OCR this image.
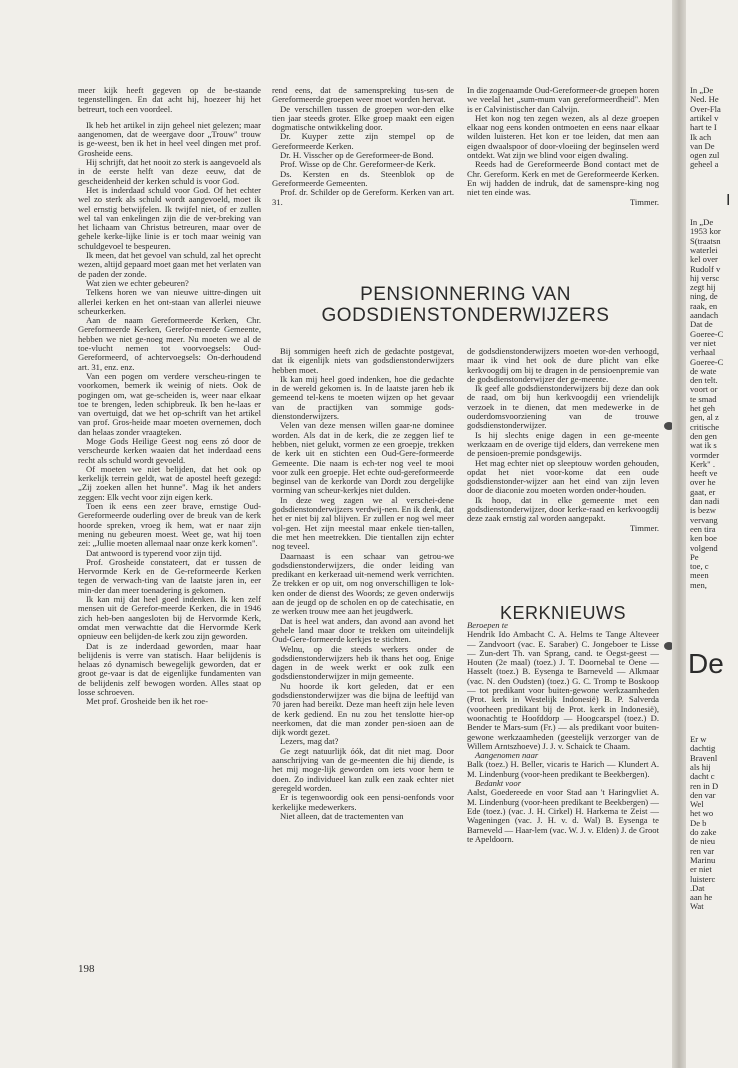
meer kijk heeft gegeven op de be-staande tegenstellingen. En dat acht hij, hoezeer hij het betreurt, toch een voordeel.

Ik heb het artikel in zijn geheel niet gelezen; maar aangenomen, dat de weergave door „Trouw" trouw is ge-weest, ben ik het in heel veel dingen met prof. Grosheide eens.

Hij schrijft, dat het nooit zo sterk is aangevoeld als in de eerste helft van deze eeuw, dat de gescheidenheid der kerken schuld is voor God.

Het is inderdaad schuld voor God. Of het echter wel zo sterk als schuld wordt aangevoeld, moet ik wel ernstig betwijfelen. Ik twijfel niet, of er zullen wel tal van enkelingen zijn die de ver-breking van het lichaam van Christus betreuren, maar over de gehele kerke-lijke linie is er toch maar weinig van schuldgevoel te bespeuren.

Ik meen, dat het gevoel van schuld, zal het oprecht wezen, altijd gepaard moet gaan met het verlaten van de paden der zonde.

Wat zien we echter gebeuren?

Telkens horen we van nieuwe uittre-dingen uit allerlei kerken en het ont-staan van allerlei nieuwe scheurkerken.

Aan de naam Gereformeerde Kerken, Chr. Gereformeerde Kerken, Gerefor-meerde Gemeente, hebben we niet ge-noeg meer. Nu moeten we al de toe-vlucht nemen tot voorvoegsels: Oud-Gereformeerd, of achtervoegsels: On-derhoudend art. 31, enz. enz.

Van een pogen om verdere verscheu-ringen te voorkomen, bemerk ik weinig of niets. Ook de pogingen om, wat ge-scheiden is, weer naar elkaar toe te brengen, leden schipbreuk. Ik ben he-laas er van overtuigd, dat we het op-schrift van het artikel van prof. Gros-heide maar moeten overnemen, doch dan helaas zonder vraagteken.

Moge Gods Heilige Geest nog eens zó door de verscheurde kerken waaien dat het inderdaad eens recht als schuld wordt gevoeld.

Of moeten we niet belijden, dat het ook op kerkelijk terrein geldt, wat de apostel heeft gezegd: „Zij zoeken allen het hunne". Mag ik het anders zeggen: Elk vecht voor zijn eigen kerk.

Toen ik eens een zeer brave, ernstige Oud-Gereformeerde ouderling over de breuk van de kerk hoorde spreken, vroeg ik hem, wat er naar zijn mening nu gebeuren moest. Weet ge, wat hij toen zei: „Jullie moeten allemaal naar onze kerk komen".

Dat antwoord is typerend voor zijn tijd.

Prof. Grosheide constateert, dat er tussen de Hervormde Kerk en de Ge-reformeerde Kerken tegen de verwach-ting van de laatste jaren in, eer min-der dan meer toenadering is gekomen.

Ik kan mij dat heel goed indenken. Ik ken zelf mensen uit de Gerefor-meerde Kerken, die in 1946 zich heb-ben aangesloten bij de Hervormde Kerk, omdat men verwachtte dat die Hervormde Kerk opnieuw een belijden-de kerk zou zijn geworden.

Dat is ze inderdaad geworden, maar haar belijdenis is verre van statisch. Haar belijdenis is helaas zó dynamisch bewegelijk geworden, dat er groot ge-vaar is dat de eigenlijke fundamenten van de belijdenis zelf bewogen worden. Alles staat op losse schroeven.

Met prof. Grosheide ben ik het roe-

rend eens, dat de samenspreking tus-sen de Gereformeerde groepen weer moet worden hervat.

De verschillen tussen de groepen wor-den elke tien jaar steeds groter. Elke groep maakt een eigen dogmatische ontwikkeling door.

Dr. Kuyper zette zijn stempel op de Gereformeerde Kerken.

Dr. H. Visscher op de Gereformeer-de Bond.

Prof. Wisse op de Chr. Gereformeer-de Kerk.

Ds. Kersten en ds. Steenblok op de Gereformeerde Gemeenten.

Prof. dr. Schilder op de Gereform. Kerken van art. 31.

In die zogenaamde Oud-Gereformeer-de groepen horen we veelal het „sum-mum van gereformeerdheid". Men is er Calvinistischer dan Calvijn.

Het kon nog ten zegen wezen, als al deze groepen elkaar nog eens konden ontmoeten en eens naar elkaar wilden luisteren. Het kon er toe leiden, dat men aan eigen dwaalspoor of door-vloeiing der beginselen werd ontdekt. Wat zijn we blind voor eigen dwaling.

Reeds had de Gereformeerde Bond contact met de Chr. Gereform. Kerk en met de Gereformeerde Kerken. En wij hadden de indruk, dat de samenspre-king nog niet ten einde was.

Timmer.

PENSIONNERING VAN
GODSDIENSTONDERWIJZERS

Bij sommigen heeft zich de gedachte postgevat, dat ik eigenlijk niets van godsdienstonderwijzers hebben moet.

Ik kan mij heel goed indenken, hoe die gedachte in de wereld gekomen is. In de laatste jaren heb ik gemeend tel-kens te moeten wijzen op het gevaar van de practijken van sommige gods-dienstonderwijzers.

Velen van deze mensen willen gaar-ne dominee worden. Als dat in de kerk, die ze zeggen lief te hebben, niet gelukt, vormen ze een groepje, trekken de kerk uit en stichten een Oud-Gere-formeerde Gemeente. Die naam is ech-ter nog veel te mooi voor zulk een groepje. Het echte oud-gereformeerde beginsel van de kerkorde van Dordt zou dergelijke vorming van scheur-kerkjes niet dulden.

In deze weg zagen we al verschei-dene godsdienstonderwijzers verdwij-nen. En ik denk, dat het er niet bij zal blijven. Er zullen er nog wel meer vol-gen. Het zijn meestal maar enkele tien-tallen, die met hen meetrekken. Die tientallen zijn echter nog teveel.

Daarnaast is een schaar van getrou-we godsdienstonderwijzers, die onder leiding van predikant en kerkeraad uit-nemend werk verrichten. Ze trekken er op uit, om nog onverschilligen te lok-ken onder de dienst des Woords; ze geven onderwijs aan de jeugd op de scholen en op de catechisatie, en ze werken trouw mee aan het jeugdwerk.

Dat is heel wat anders, dan avond aan avond het gehele land maar door te trekken om uiteindelijk Oud-Gere-formeerde kerkjes te stichten.

Welnu, op die steeds werkers onder de godsdienstonderwijzers heb ik thans het oog. Enige dagen in de week werkt er ook zulk een godsdienstonderwijzer in mijn gemeente.

Nu hoorde ik kort geleden, dat er een godsdienstonderwijzer was die bijna de leeftijd van 70 jaren had bereikt. Deze man heeft zijn hele leven de kerk gediend. En nu zou het tenslotte hier-op neerkomen, dat die man zonder pen-sioen aan de dijk wordt gezet.

Lezers, mag dat?

Ge zegt natuurlijk óók, dat dit niet mag. Door aanschrijving van de ge-meenten die hij diende, is het mij moge-lijk geworden om iets voor hem te doen. Zo individueel kan zulk een zaak echter niet geregeld worden.

Er is tegenwoordig ook een pensi-oenfonds voor kerkelijke medewerkers.

Niet alleen, dat de tractementen van

de godsdienstonderwijzers moeten wor-den verhoogd, maar ik vind het ook de dure plicht van elke kerkvoogdij om bij te dragen in de pensioenpremie van de godsdienstonderwijzer der ge-meente.

Ik geef alle godsdienstonderwijzers bij deze dan ook de raad, om bij hun kerkvoogdij een vriendelijk verzoek in te dienen, dat men medewerke in de ouderdomsvoorziening van de trouwe godsdienstonderwijzer.

Is hij slechts enige dagen in een ge-meente werkzaam en de overige tijd elders, dan verrekene men de pensioen-premie pondsgewijs.

Het mag echter niet op sleeptouw worden gehouden, opdat het niet voor-kome dat een oude godsdienstonder-wijzer aan het eind van zijn leven door de diaconie zou moeten worden onder-houden.

Ik hoop, dat in elke gemeente met een godsdienstonderwijzer, door kerke-raad en kerkvoogdij deze zaak ernstig zal worden aangepakt.

Timmer.

KERKNIEUWS

Beroepen te

Hendrik Ido Ambacht C. A. Helms te Tange Alteveer — Zandvoort (vac. E. Saraber) C. Jongeboer te Lisse — Zun-dert Th. van Sprang, cand. te Oegst-geest — Houten (2e maal) (toez.) J. T. Doornebal te Oene — Hasselt (toez.) B. Eysenga te Barneveld — Alkmaar (vac. N. den Oudsten) (toez.) G. C. Tromp te Boskoop — tot predikant voor buiten-gewone werkzaamheden (Prot. kerk in Westelijk Indonesië) B. P. Salverda (voorheen predikant bij de Prot. kerk in Indonesië), woonachtig te Hoofddorp — Hoogcarspel (toez.) D. Bender te Mars-sum (Fr.) — als predikant voor buiten-gewone werkzaamheden (geestelijk verzorger van de Willem Arntszhoeve) J. J. v. Schaick te Chaam.

Aangenomen naar

Balk (toez.) H. Beller, vicaris te Harich — Klundert A. M. Lindenburg (voor-heen predikant te Beekbergen).

Bedankt voor

Aalst, Goedereede en voor Stad aan 't Haringvliet A. M. Lindenburg (voor-heen predikant te Beekbergen) — Ede (toez.) (vac. J. H. Cirkel) H. Harkema te Zeist — Wageningen (vac. J. H. v. d. Wal) B. Eysenga te Barneveld — Haar-lem (vac. W. J. v. Elden) J. de Groot te Apeldoorn.

198
In „De
Ned. He
Over-Fla
artikel v
hart te I
Ik ach
van De
ogen zul
geheel a
I
In „De
1953 kor
S(traatsn
waterlei
kel over
Rudolf v
hij versc
zegt hij
ning, de
raak, en
aandach
Dat de
Goeree-C
ver niet
verhaal
Goeree-C
de wate
den telt.
voort or
te smad
het geh
gen, al z
critische
den gen
wat ik s
vormder
Kerk" .
heeft ve
over he
gaat, er
dan nadi
is bezw
vervang
een tira
ken boe
volgend
Pe
toe, c
meen
men,
De
Er w
dachtig
Bravenl
als hij
dacht c
ren in D
den var
Wel
het wo
De b
do zake
de nieu
ren var
Marinu
er niet
luisterc
.Dat
aan he
Wat
